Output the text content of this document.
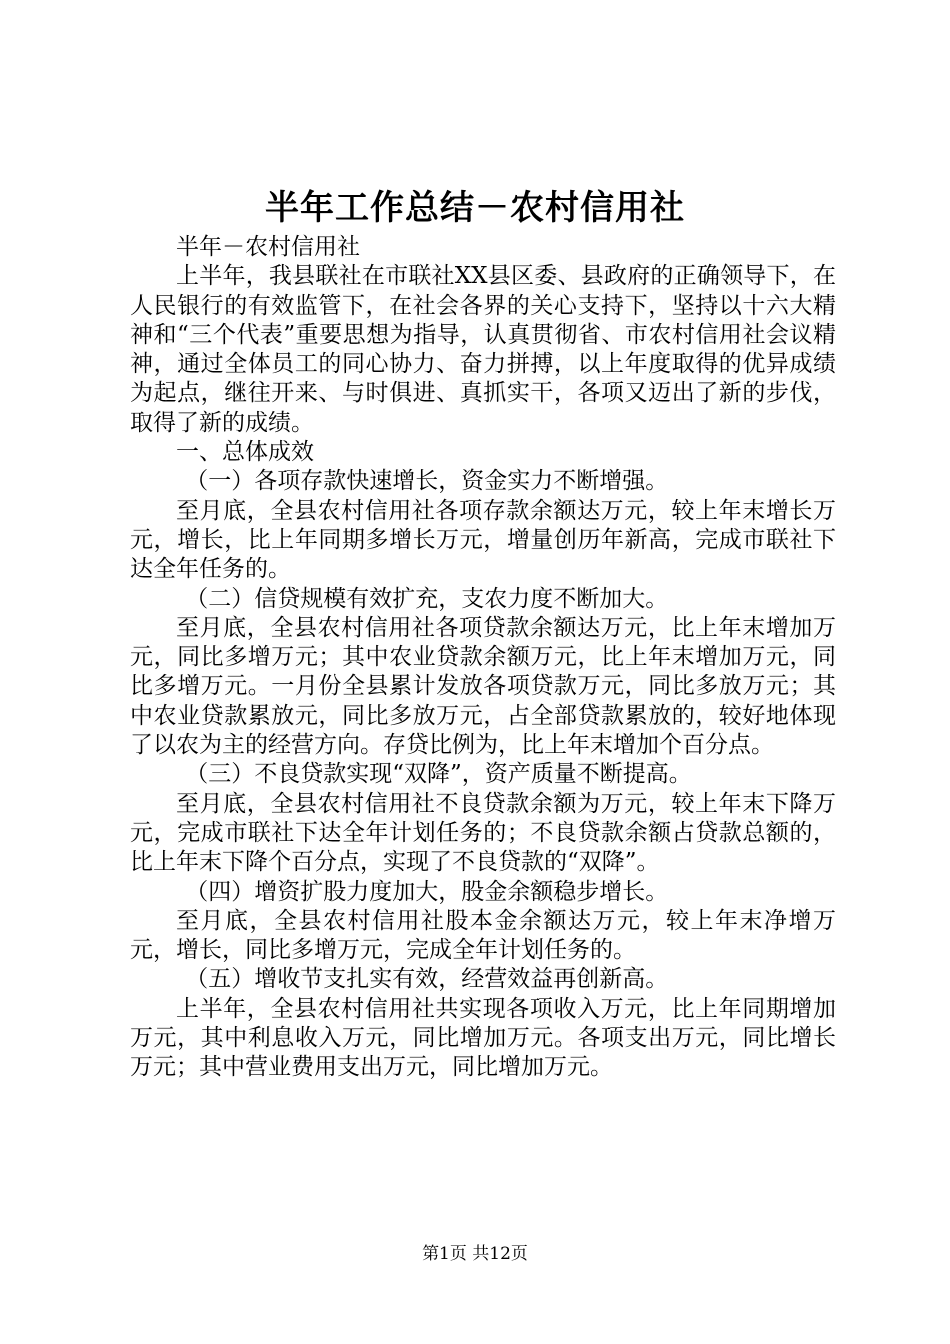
半年工作总结－农村信用社

半年－农村信用社

上半年，我县联社在市联社XX县区委、县政府的正确领导下，在人民银行的有效监管下，在社会各界的关心支持下，坚持以十六大精神和“三个代表”重要思想为指导，认真贯彻省、市农村信用社会议精神，通过全体员工的同心协力、奋力拼搏，以上年度取得的优异成绩为起点，继往开来、与时俱进、真抓实干，各项又迈出了新的步伐，取得了新的成绩。

一、总体成效

（一）各项存款快速增长，资金实力不断增强。

至月底，全县农村信用社各项存款余额达万元，较上年末增长万元，增长，比上年同期多增长万元，增量创历年新高，完成市联社下达全年任务的。

（二）信贷规模有效扩充，支农力度不断加大。

至月底，全县农村信用社各项贷款余额达万元，比上年末增加万元，同比多增万元；其中农业贷款余额万元，比上年末增加万元，同比多增万元。一月份全县累计发放各项贷款万元，同比多放万元；其中农业贷款累放元，同比多放万元，占全部贷款累放的，较好地体现了以农为主的经营方向。存贷比例为，比上年末增加个百分点。

（三）不良贷款实现“双降”，资产质量不断提高。

至月底，全县农村信用社不良贷款余额为万元，较上年末下降万元，完成市联社下达全年计划任务的；不良贷款余额占贷款总额的，比上年末下降个百分点，实现了不良贷款的“双降”。

（四）增资扩股力度加大，股金余额稳步增长。

至月底，全县农村信用社股本金余额达万元，较上年末净增万元，增长，同比多增万元，完成全年计划任务的。

（五）增收节支扎实有效，经营效益再创新高。

上半年，全县农村信用社共实现各项收入万元，比上年同期增加万元，其中利息收入万元，同比增加万元。各项支出万元，同比增长万元；其中营业费用支出万元，同比增加万元。

第1页 共12页
